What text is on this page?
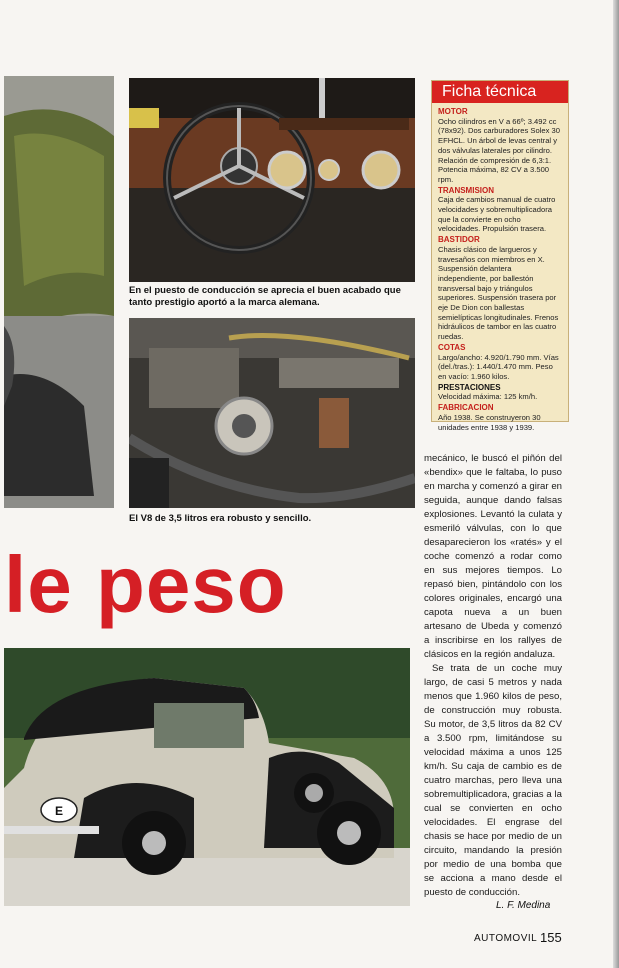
En el puesto de conducción se aprecia el buen acabado que tanto prestigio aportó a la marca alemana.
El V8 de 3,5 litros era robusto y sencillo.
Ficha técnica
MOTOR
Ocho cilindros en V a 66º; 3.492 cc (78x92). Dos carburadores Solex 30 EFHCL. Un árbol de levas central y dos válvulas laterales por cilindro. Relación de compresión de 6,3:1. Potencia máxima, 82 CV a 3.500 rpm.
TRANSMISION
Caja de cambios manual de cuatro velocidades y sobremultiplicadora que la convierte en ocho velocidades. Propulsión trasera.
BASTIDOR
Chasis clásico de largueros y travesaños con miembros en X. Suspensión delantera independiente, por ballestón transversal bajo y triángulos superiores. Suspensión trasera por eje De Dion con ballestas semielípticas longitudinales. Frenos hidráulicos de tambor en las cuatro ruedas.
COTAS
Largo/ancho: 4.920/1.790 mm. Vías (del./tras.): 1.440/1.470 mm. Peso en vacío: 1.960 kilos.
PRESTACIONES
Velocidad máxima: 125 km/h.
FABRICACION
Año 1938. Se construyeron 30 unidades entre 1938 y 1939.
le peso
E

mecánico, le buscó el piñón del «bendix» que le faltaba, lo puso en marcha y comenzó a girar en seguida, aunque dando falsas explosiones. Levantó la culata y esmeriló válvulas, con lo que desaparecieron los «ratés» y el coche comenzó a rodar como en sus mejores tiempos. Lo repasó bien, pintándolo con los colores originales, encargó una capota nueva a un buen artesano de Ubeda y comenzó a inscribirse en los rallyes de clásicos en la región andaluza.

Se trata de un coche muy largo, de casi 5 metros y nada menos que 1.960 kilos de peso, de construcción muy robusta. Su motor, de 3,5 litros da 82 CV a 3.500 rpm, limitándose su velocidad máxima a unos 125 km/h. Su caja de cambio es de cuatro marchas, pero lleva una sobremultiplicadora, gracias a la cual se convierten en ocho velocidades. El engrase del chasis se hace por medio de un circuito, mandando la presión por medio de una bomba que se acciona a mano desde el puesto de conducción.

L. F. Medina
AUTOMOVIL 155
